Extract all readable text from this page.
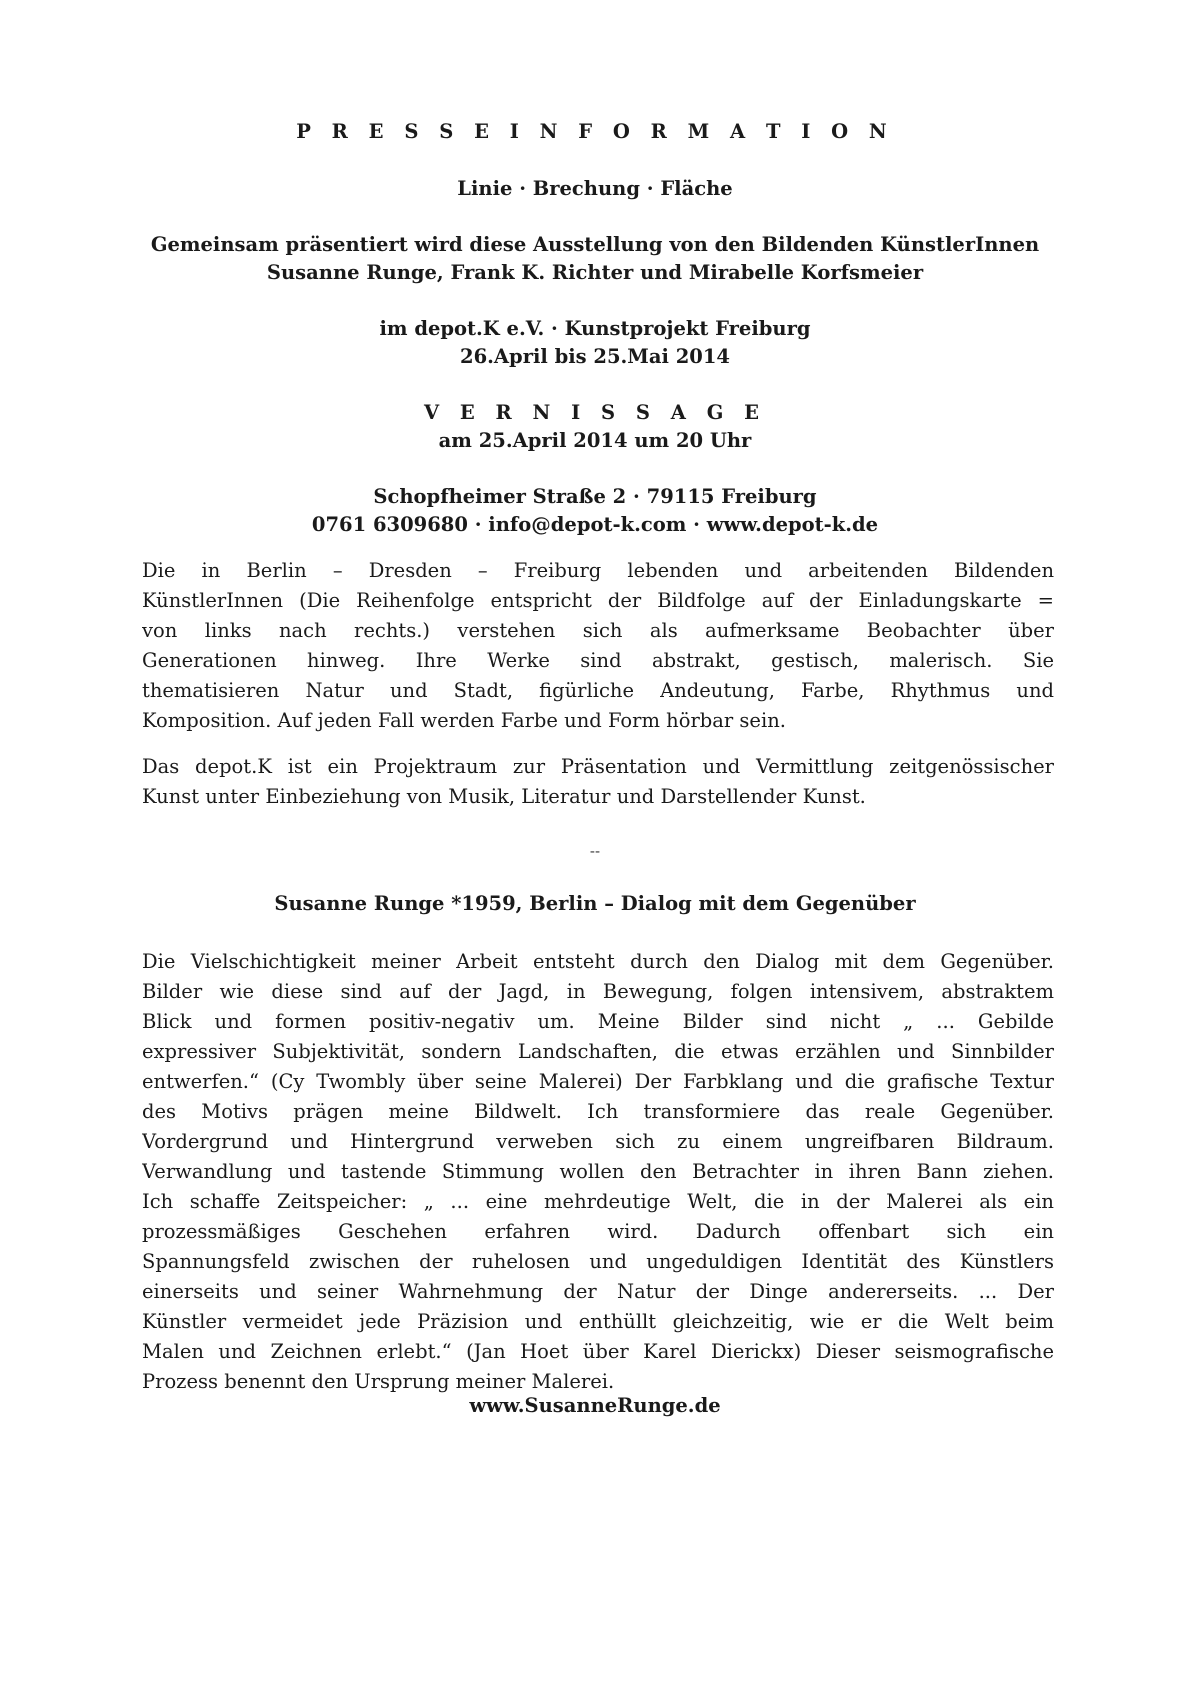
P R E S S E I N F O R M A T I O N
Linie · Brechung · Fläche
Gemeinsam präsentiert wird diese Ausstellung von den Bildenden KünstlerInnen
Susanne Runge, Frank K. Richter und Mirabelle Korfsmeier
im depot.K e.V. · Kunstprojekt Freiburg
26.April bis 25.Mai 2014
V E R N I S S A G E
am 25.April 2014 um 20 Uhr
Schopfheimer Straße 2 · 79115 Freiburg
0761 6309680 · info@depot-k.com · www.depot-k.de
Die in Berlin – Dresden – Freiburg lebenden und arbeitenden Bildenden
KünstlerInnen (Die Reihenfolge entspricht der Bildfolge auf der Einladungskarte =
von links nach rechts.) verstehen sich als aufmerksame Beobachter über
Generationen hinweg. Ihre Werke sind abstrakt, gestisch, malerisch. Sie
thematisieren Natur und Stadt, figürliche Andeutung, Farbe, Rhythmus und
Komposition. Auf jeden Fall werden Farbe und Form hörbar sein.
Das depot.K ist ein Projektraum zur Präsentation und Vermittlung zeitgenössischer
Kunst unter Einbeziehung von Musik, Literatur und Darstellender Kunst.
--
Susanne Runge *1959, Berlin – Dialog mit dem Gegenüber
Die Vielschichtigkeit meiner Arbeit entsteht durch den Dialog mit dem Gegenüber.
Bilder wie diese sind auf der Jagd, in Bewegung, folgen intensivem, abstraktem
Blick und formen positiv-negativ um. Meine Bilder sind nicht „ ... Gebilde
expressiver Subjektivität, sondern Landschaften, die etwas erzählen und Sinnbilder
entwerfen.“ (Cy Twombly über seine Malerei) Der Farbklang und die grafische Textur
des Motivs prägen meine Bildwelt. Ich transformiere das reale Gegenüber.
Vordergrund und Hintergrund verweben sich zu einem ungreifbaren Bildraum.
Verwandlung und tastende Stimmung wollen den Betrachter in ihren Bann ziehen.
Ich schaffe Zeitspeicher: „ ... eine mehrdeutige Welt, die in der Malerei als ein
prozessmäßiges Geschehen erfahren wird. Dadurch offenbart sich ein
Spannungsfeld zwischen der ruhelosen und ungeduldigen Identität des Künstlers
einerseits und seiner Wahrnehmung der Natur der Dinge andererseits. ... Der
Künstler vermeidet jede Präzision und enthüllt gleichzeitig, wie er die Welt beim
Malen und Zeichnen erlebt.“ (Jan Hoet über Karel Dierickx) Dieser seismografische
Prozess benennt den Ursprung meiner Malerei.
www.SusanneRunge.de
